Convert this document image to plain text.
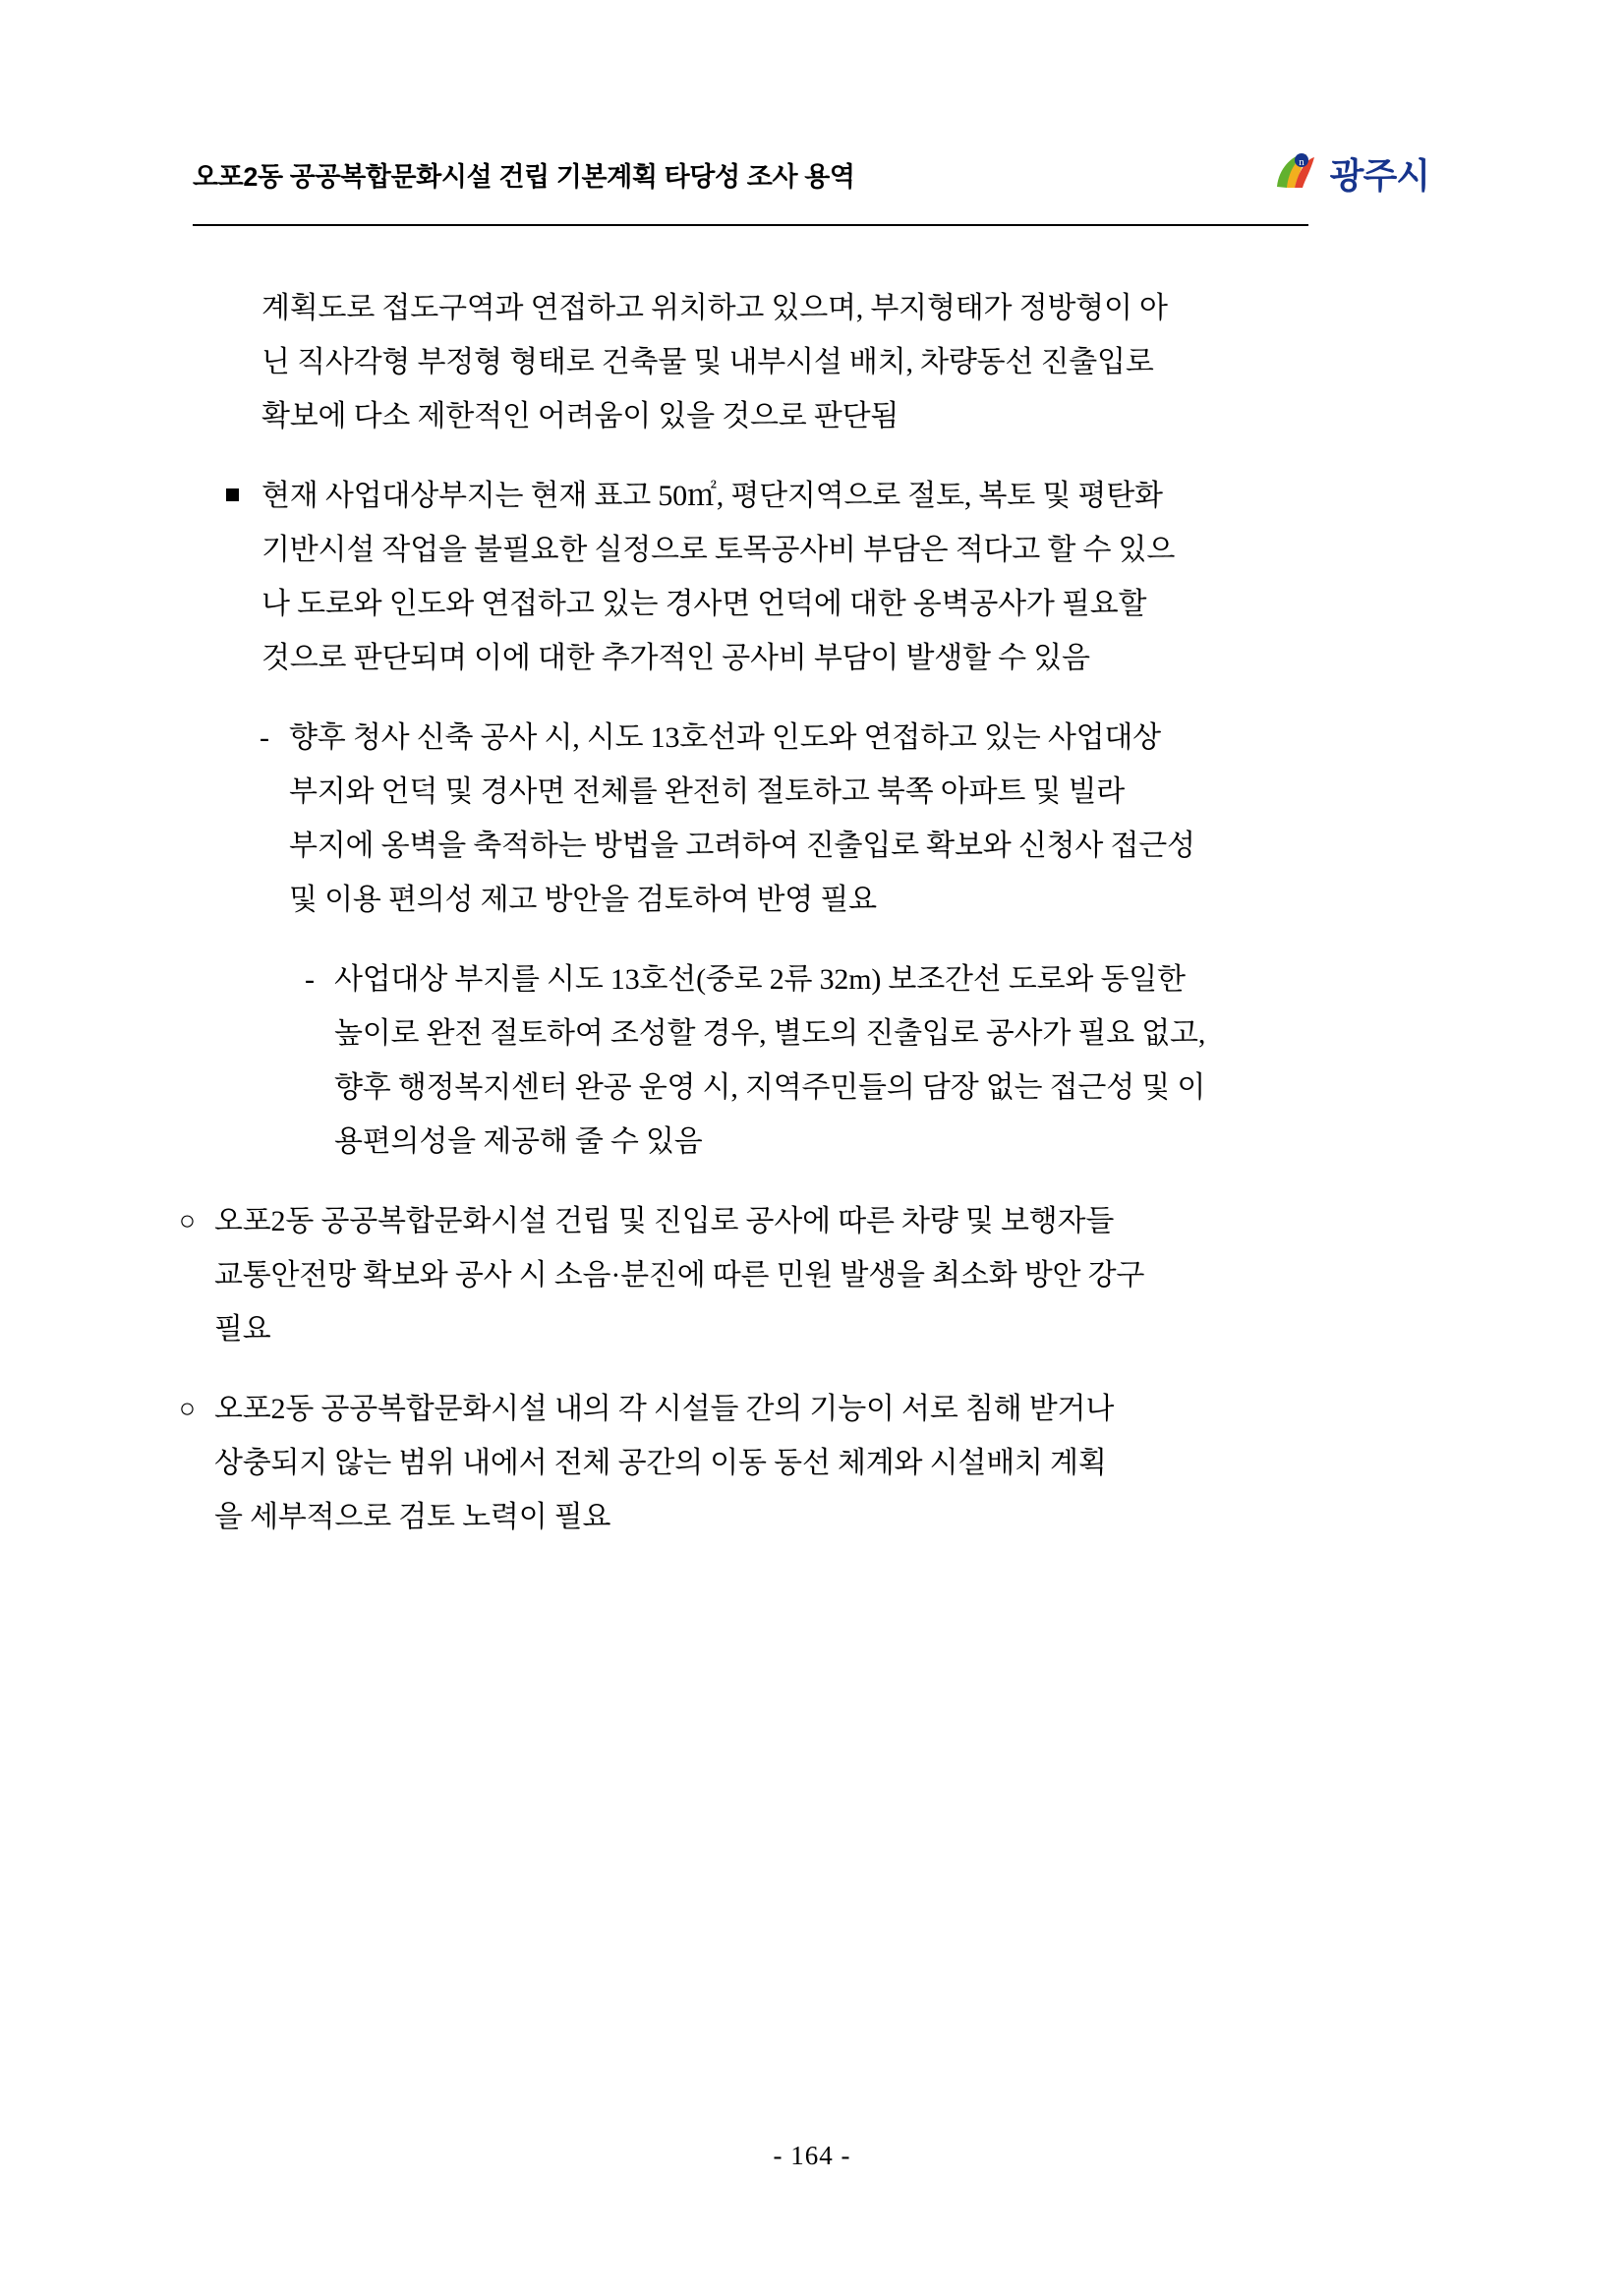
오포2동 공공복합문화시설 건립 기본계획 타당성 조사 용역	n 광주시
계획도로 접도구역과 연접하고 위치하고 있으며, 부지형태가 정방형이 아
닌 직사각형 부정형 형태로 건축물 및 내부시설 배치, 차량동선 진출입로
확보에 다소 제한적인 어려움이 있을 것으로 판단됨
현재 사업대상부지는 현재 표고 50㎡, 평단지역으로 절토, 복토 및 평탄화
기반시설 작업을 불필요한 실정으로 토목공사비 부담은 적다고 할 수 있으
나 도로와 인도와 연접하고 있는 경사면 언덕에 대한 옹벽공사가 필요할
것으로 판단되며 이에 대한 추가적인 공사비 부담이 발생할 수 있음
- 향후 청사 신축 공사 시, 시도 13호선과 인도와 연접하고 있는 사업대상
부지와 언덕 및 경사면 전체를 완전히 절토하고 북쪽 아파트 및 빌라
부지에 옹벽을 축적하는 방법을 고려하여 진출입로 확보와 신청사 접근성
및 이용 편의성 제고 방안을 검토하여 반영 필요
- 사업대상 부지를 시도 13호선(중로 2류 32m) 보조간선 도로와 동일한
높이로 완전 절토하여 조성할 경우, 별도의 진출입로 공사가 필요 없고,
향후 행정복지센터 완공 운영 시, 지역주민들의 담장 없는 접근성 및 이
용편의성을 제공해 줄 수 있음
○ 오포2동 공공복합문화시설 건립 및 진입로 공사에 따른 차량 및 보행자들
교통안전망 확보와 공사 시 소음·분진에 따른 민원 발생을 최소화 방안 강구
필요
○ 오포2동 공공복합문화시설 내의 각 시설들 간의 기능이 서로 침해 받거나
상충되지 않는 범위 내에서 전체 공간의 이동 동선 체계와 시설배치 계획
을 세부적으로 검토 노력이 필요
- 164 -
